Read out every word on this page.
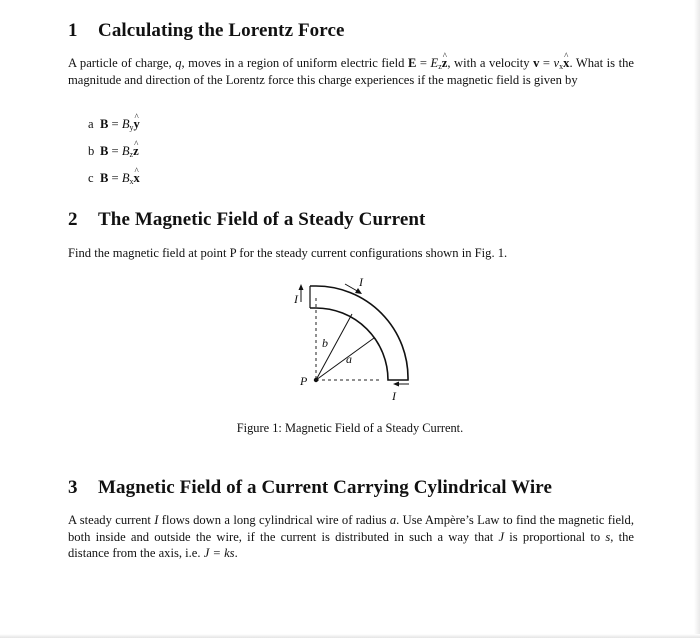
1 Calculating the Lorentz Force

A particle of charge, q, moves in a region of uniform electric field $E = E_zz$ ^, with a velocity $v = v_xx$ ^. What is the magnitude and direction of the Lorentz force this charge experiences if the magnetic field is given by

a $B = B_yy$ ^

b $B = B_zz$ ^

c $B = B_xx$ ^

2 The Magnetic Field of a Steady Current

Find the magnetic field at point P for the steady current configurations shown in Fig. 1.

I
I
I
b
a
P

Figure 1: Magnetic Field of a Steady Current.

3 Magnetic Field of a Current Carrying Cylindrical Wire

A steady current I flows down a long cylindrical wire of radius a. Use Ampère’s Law to find the magnetic field, both inside and outside the wire, if the current is distributed in such a way that J is proportional to s, the distance from the axis, i.e. J = ks.
